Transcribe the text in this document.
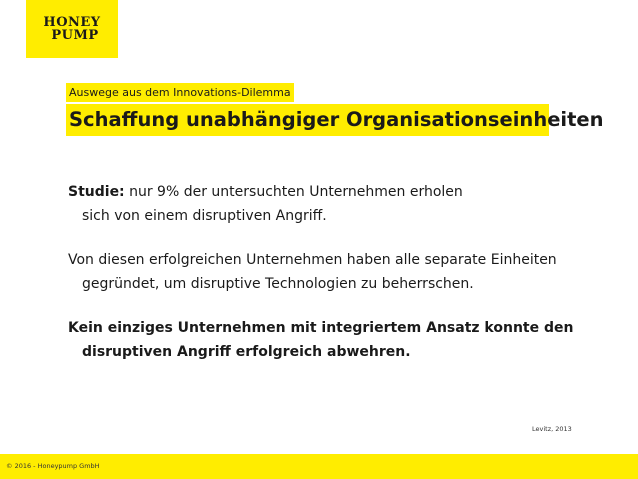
HONEY
PUMP
Auswege aus dem Innovations-Dilemma
Schaffung unabhängiger Organisationseinheiten
Studie: nur 9% der untersuchten Unternehmen erholen
sich von einem disruptiven Angriff.
Von diesen erfolgreichen Unternehmen haben alle separate Einheiten
gegründet, um disruptive Technologien zu beherrschen.
Kein einziges Unternehmen mit integriertem Ansatz konnte den
disruptiven Angriff erfolgreich abwehren.
Levitz, 2013
© 2016 - Honeypump GmbH
